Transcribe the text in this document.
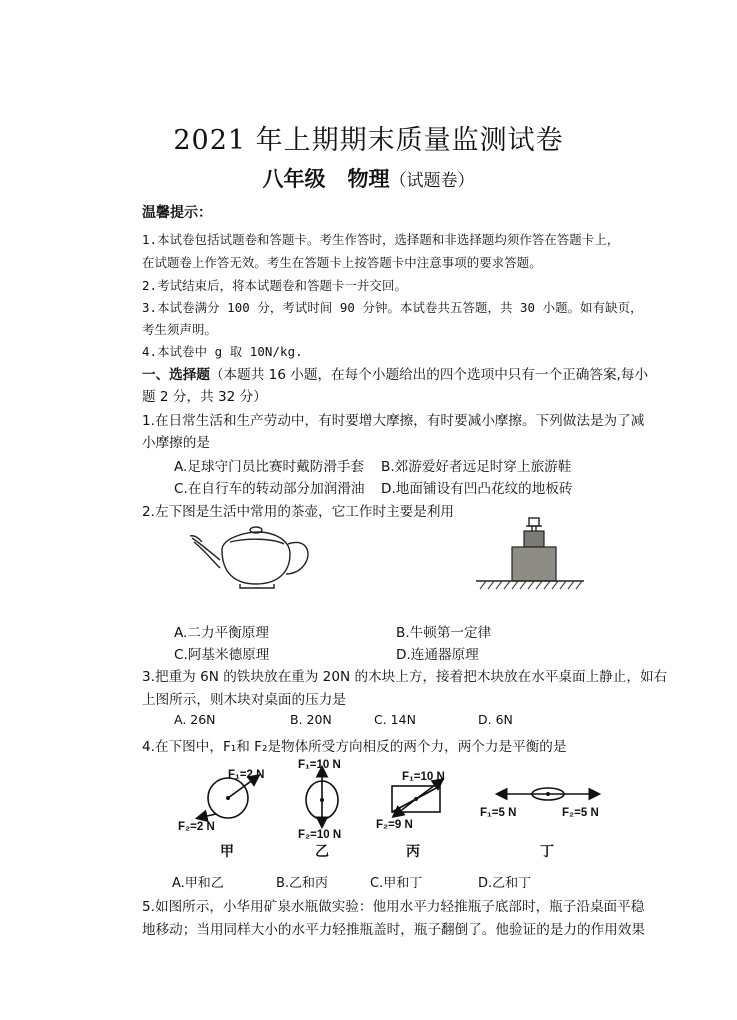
2021 年上期期末质量监测试卷
八年级 物理（试题卷）
温馨提示：
1.本试卷包括试题卷和答题卡。考生作答时，选择题和非选择题均须作答在答题卡上，
在试题卷上作答无效。考生在答题卡上按答题卡中注意事项的要求答题。
2.考试结束后，将本试题卷和答题卡一并交回。
3.本试卷满分 100 分，考试时间 90 分钟。本试卷共五答题，共 30 小题。如有缺页，
考生须声明。
4.本试卷中 g 取 10N/kg.
一、选择题（本题共 16 小题，在每个小题给出的四个选项中只有一个正确答案,每小
题 2 分，共 32 分）
1.在日常生活和生产劳动中，有时要增大摩擦，有时要减小摩擦。下列做法是为了减
小摩擦的是
A.足球守门员比赛时戴防滑手套 B.郊游爱好者远足时穿上旅游鞋
C.在自行车的转动部分加润滑油 D.地面铺设有凹凸花纹的地板砖
2.左下图是生活中常用的茶壶，它工作时主要是利用
A.二力平衡原理	B.牛顿第一定律
C.阿基米德原理	D.连通器原理
3.把重为 6N 的铁块放在重为 20N 的木块上方，接着把木块放在水平桌面上静止，如右
上图所示，则木块对桌面的压力是
A. 26N	B. 20N	C. 14N	D. 6N
4.在下图中，F₁和 F₂是物体所受方向相反的两个力，两个力是平衡的是
F₁=2 N
F₂=2 N
F₁=10 N
F₂=10 N
F₁=10 N
F₂=9 N
F₁=5 N	F₂=5 N
甲	乙	丙	丁
A.甲和乙	B.乙和丙	C.甲和丁	D.乙和丁
5.如图所示，小华用矿泉水瓶做实验：他用水平力轻推瓶子底部时，瓶子沿桌面平稳
地移动；当用同样大小的水平力轻推瓶盖时，瓶子翻倒了。他验证的是力的作用效果
